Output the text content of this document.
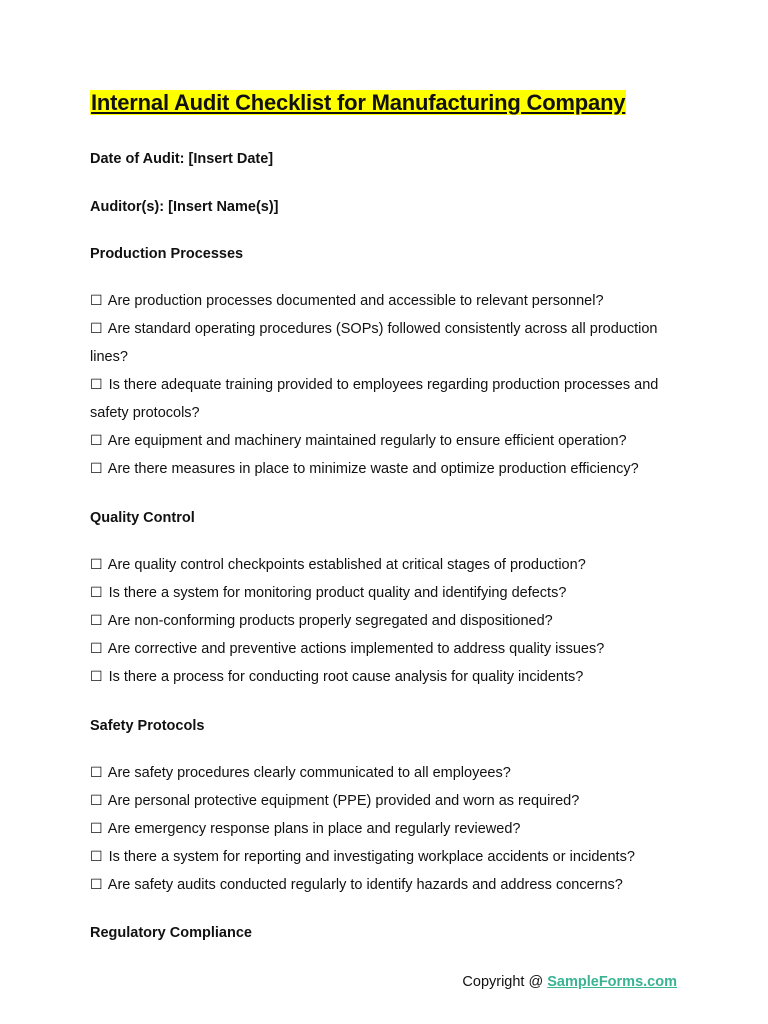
Internal Audit Checklist for Manufacturing Company
Date of Audit: [Insert Date]
Auditor(s): [Insert Name(s)]
Production Processes
☐ Are production processes documented and accessible to relevant personnel?
☐ Are standard operating procedures (SOPs) followed consistently across all production lines?
☐ Is there adequate training provided to employees regarding production processes and safety protocols?
☐ Are equipment and machinery maintained regularly to ensure efficient operation?
☐ Are there measures in place to minimize waste and optimize production efficiency?
Quality Control
☐ Are quality control checkpoints established at critical stages of production?
☐ Is there a system for monitoring product quality and identifying defects?
☐ Are non-conforming products properly segregated and dispositioned?
☐ Are corrective and preventive actions implemented to address quality issues?
☐ Is there a process for conducting root cause analysis for quality incidents?
Safety Protocols
☐ Are safety procedures clearly communicated to all employees?
☐ Are personal protective equipment (PPE) provided and worn as required?
☐ Are emergency response plans in place and regularly reviewed?
☐ Is there a system for reporting and investigating workplace accidents or incidents?
☐ Are safety audits conducted regularly to identify hazards and address concerns?
Regulatory Compliance
Copyright @ SampleForms.com
